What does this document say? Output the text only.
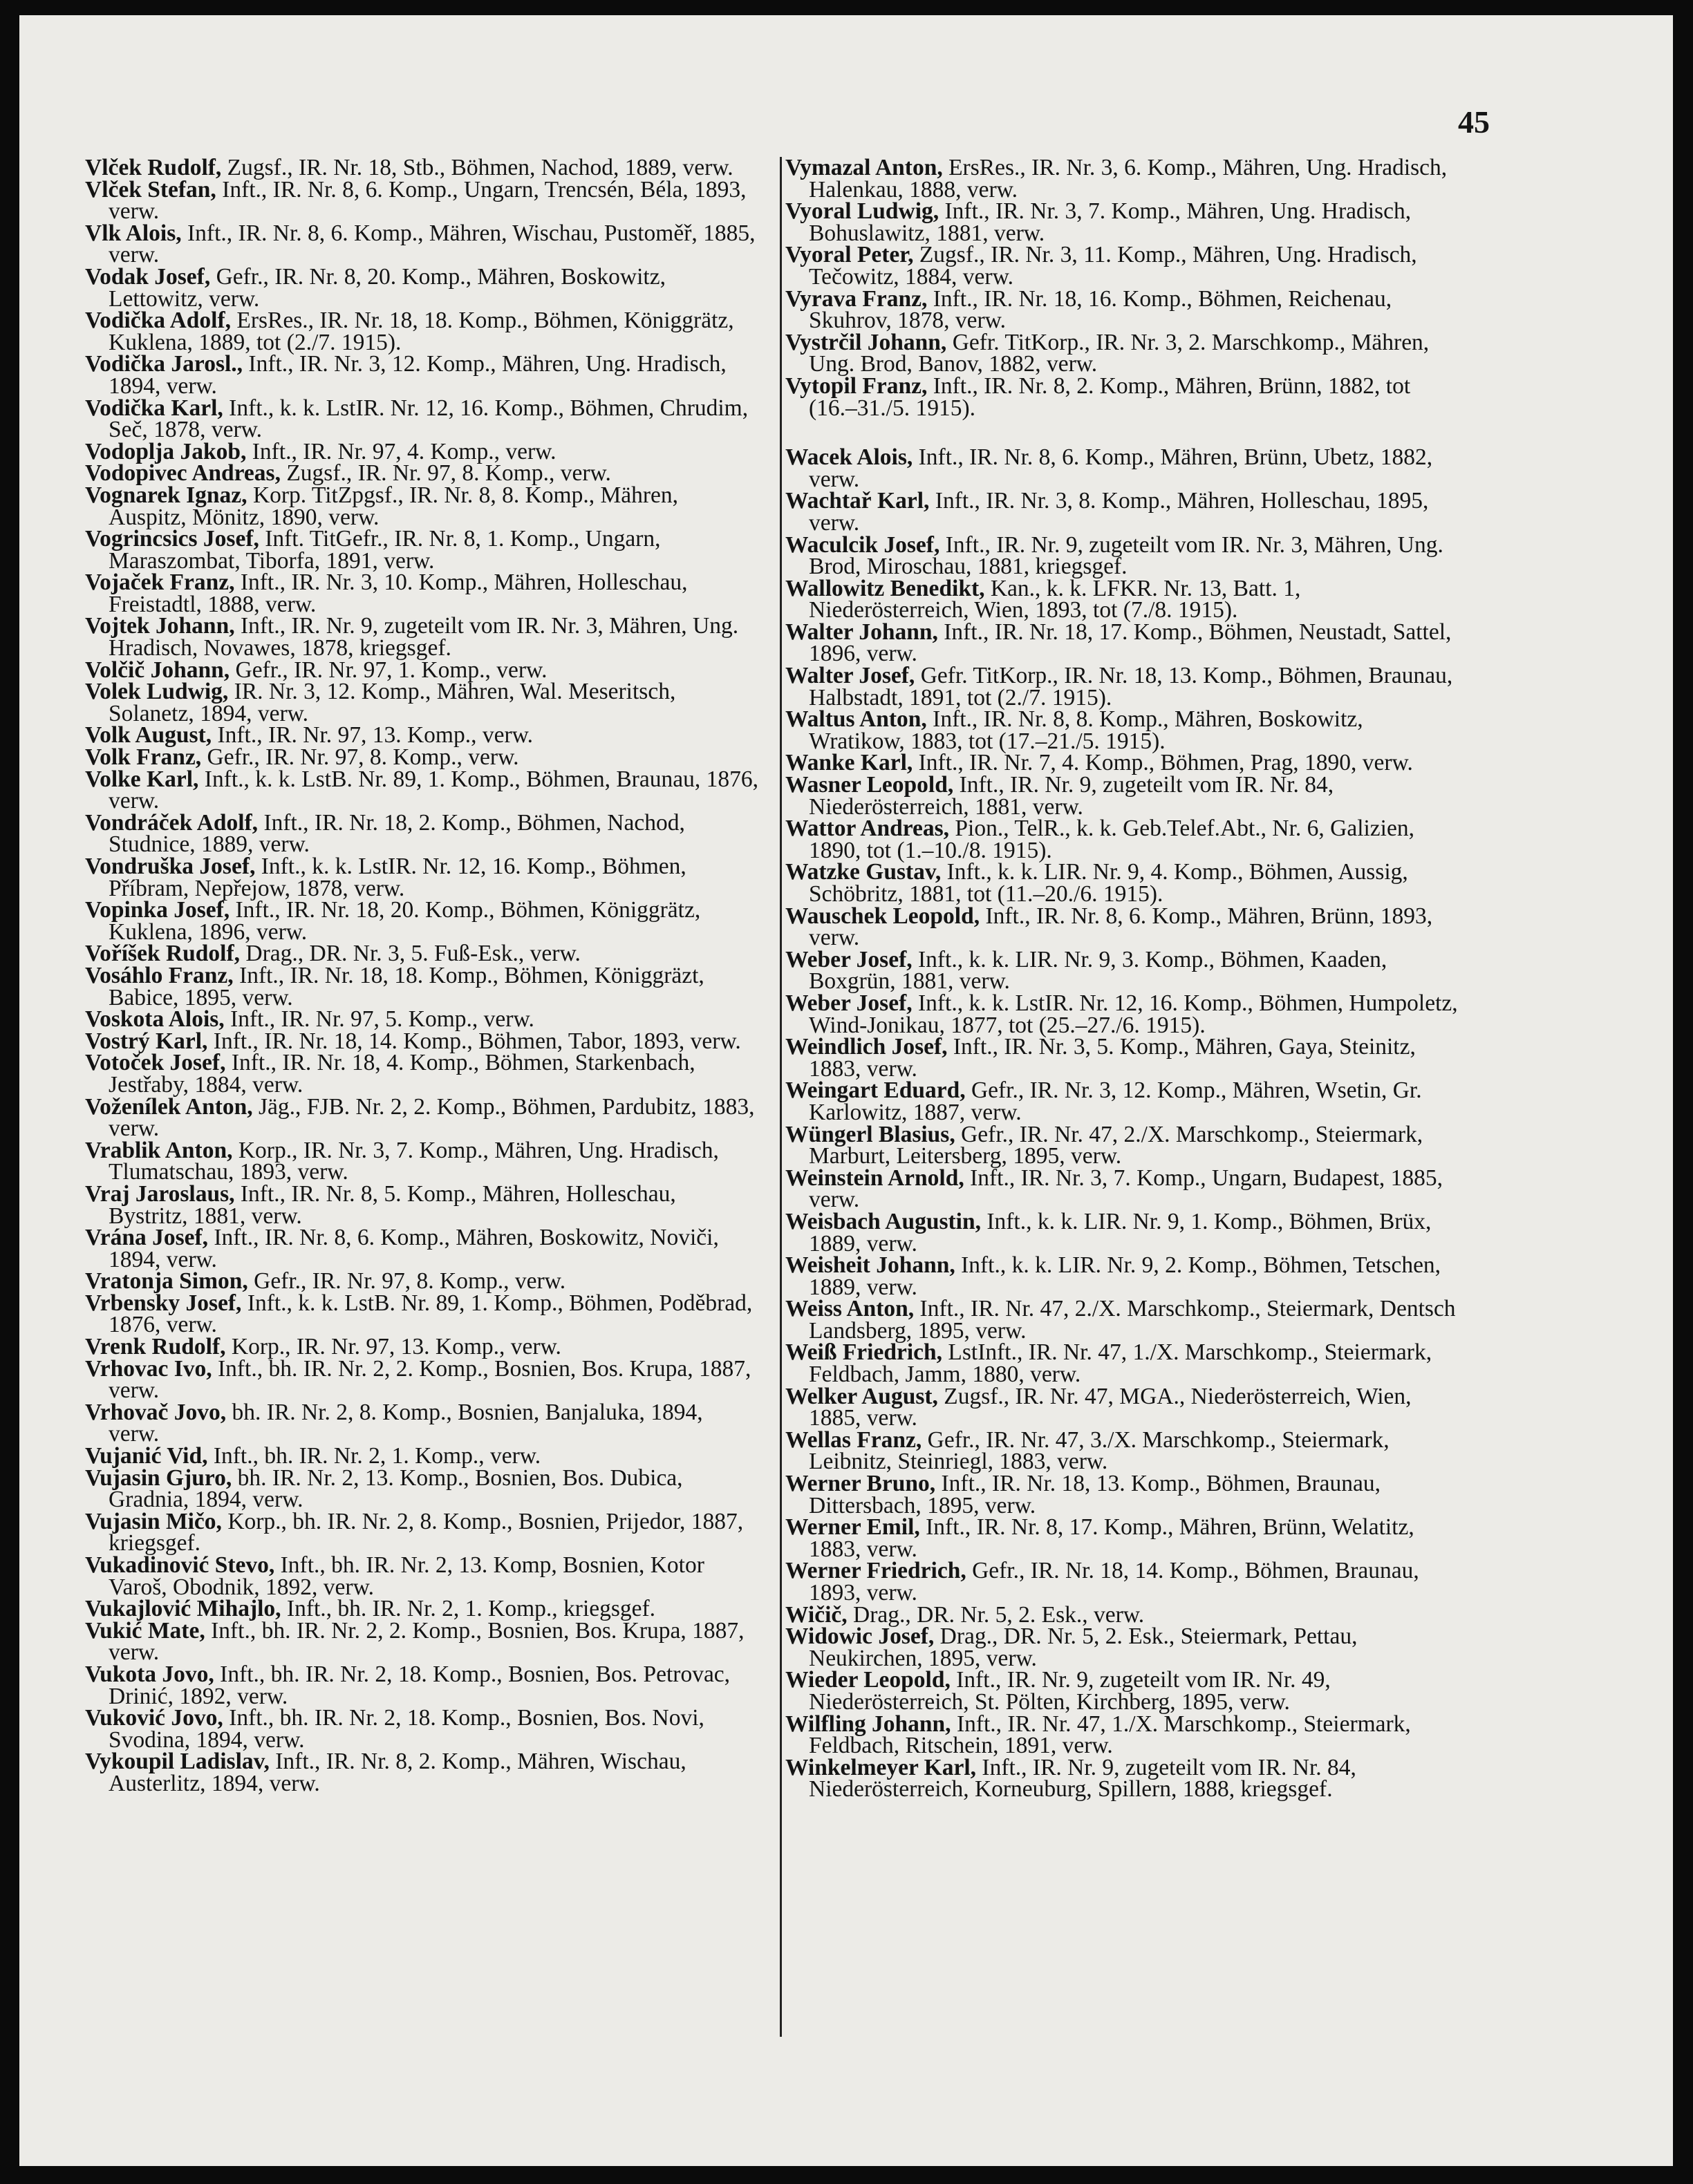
45
Vlček Rudolf, Zugsf., IR. Nr. 18, Stb., Böhmen, Nachod, 1889, verw.
Vlček Stefan, Inft., IR. Nr. 8, 6. Komp., Ungarn, Trencsén, Béla, 1893, verw.
Vlk Alois, Inft., IR. Nr. 8, 6. Komp., Mähren, Wischau, Pustoměř, 1885, verw.
Vodak Josef, Gefr., IR. Nr. 8, 20. Komp., Mähren, Boskowitz, Lettowitz, verw.
Vodička Adolf, ErsRes., IR. Nr. 18, 18. Komp., Böhmen, Königgrätz, Kuklena, 1889, tot (2./7. 1915).
Vodička Jarosl., Inft., IR. Nr. 3, 12. Komp., Mähren, Ung. Hradisch, 1894, verw.
Vodička Karl, Inft., k. k. LstIR. Nr. 12, 16. Komp., Böhmen, Chrudim, Seč, 1878, verw.
Vodoplja Jakob, Inft., IR. Nr. 97, 4. Komp., verw.
Vodopivec Andreas, Zugsf., IR. Nr. 97, 8. Komp., verw.
Vognarek Ignaz, Korp. TitZpgsf., IR. Nr. 8, 8. Komp., Mähren, Auspitz, Mönitz, 1890, verw.
Vogrincsics Josef, Inft. TitGefr., IR. Nr. 8, 1. Komp., Ungarn, Maraszombat, Tiborfa, 1891, verw.
Vojaček Franz, Inft., IR. Nr. 3, 10. Komp., Mähren, Holleschau, Freistadtl, 1888, verw.
Vojtek Johann, Inft., IR. Nr. 9, zugeteilt vom IR. Nr. 3, Mähren, Ung. Hradisch, Novawes, 1878, kriegsgef.
Volčič Johann, Gefr., IR. Nr. 97, 1. Komp., verw.
Volek Ludwig, IR. Nr. 3, 12. Komp., Mähren, Wal. Meseritsch, Solanetz, 1894, verw.
Volk August, Inft., IR. Nr. 97, 13. Komp., verw.
Volk Franz, Gefr., IR. Nr. 97, 8. Komp., verw.
Volke Karl, Inft., k. k. LstB. Nr. 89, 1. Komp., Böhmen, Braunau, 1876, verw.
Vondráček Adolf, Inft., IR. Nr. 18, 2. Komp., Böhmen, Nachod, Studnice, 1889, verw.
Vondruška Josef, Inft., k. k. LstIR. Nr. 12, 16. Komp., Böhmen, Příbram, Nepřejow, 1878, verw.
Vopinka Josef, Inft., IR. Nr. 18, 20. Komp., Böhmen, Königgrätz, Kuklena, 1896, verw.
Voříšek Rudolf, Drag., DR. Nr. 3, 5. Fuß-Esk., verw.
Vosáhlo Franz, Inft., IR. Nr. 18, 18. Komp., Böhmen, Königgräzt, Babice, 1895, verw.
Voskota Alois, Inft., IR. Nr. 97, 5. Komp., verw.
Vostrý Karl, Inft., IR. Nr. 18, 14. Komp., Böhmen, Tabor, 1893, verw.
Votoček Josef, Inft., IR. Nr. 18, 4. Komp., Böhmen, Starkenbach, Jestřaby, 1884, verw.
Voženílek Anton, Jäg., FJB. Nr. 2, 2. Komp., Böhmen, Pardubitz, 1883, verw.
Vrablik Anton, Korp., IR. Nr. 3, 7. Komp., Mähren, Ung. Hradisch, Tlumatschau, 1893, verw.
Vraj Jaroslaus, Inft., IR. Nr. 8, 5. Komp., Mähren, Holleschau, Bystritz, 1881, verw.
Vrána Josef, Inft., IR. Nr. 8, 6. Komp., Mähren, Boskowitz, Noviči, 1894, verw.
Vratonja Simon, Gefr., IR. Nr. 97, 8. Komp., verw.
Vrbensky Josef, Inft., k. k. LstB. Nr. 89, 1. Komp., Böhmen, Poděbrad, 1876, verw.
Vrenk Rudolf, Korp., IR. Nr. 97, 13. Komp., verw.
Vrhovac Ivo, Inft., bh. IR. Nr. 2, 2. Komp., Bosnien, Bos. Krupa, 1887, verw.
Vrhovač Jovo, bh. IR. Nr. 2, 8. Komp., Bosnien, Banjaluka, 1894, verw.
Vujanić Vid, Inft., bh. IR. Nr. 2, 1. Komp., verw.
Vujasin Gjuro, bh. IR. Nr. 2, 13. Komp., Bosnien, Bos. Dubica, Gradnia, 1894, verw.
Vujasin Mičo, Korp., bh. IR. Nr. 2, 8. Komp., Bosnien, Prijedor, 1887, kriegsgef.
Vukadinović Stevo, Inft., bh. IR. Nr. 2, 13. Komp, Bosnien, Kotor Varoš, Obodnik, 1892, verw.
Vukajlović Mihajlo, Inft., bh. IR. Nr. 2, 1. Komp., kriegsgef.
Vukić Mate, Inft., bh. IR. Nr. 2, 2. Komp., Bosnien, Bos. Krupa, 1887, verw.
Vukota Jovo, Inft., bh. IR. Nr. 2, 18. Komp., Bosnien, Bos. Petrovac, Drinić, 1892, verw.
Vuković Jovo, Inft., bh. IR. Nr. 2, 18. Komp., Bosnien, Bos. Novi, Svodina, 1894, verw.
Vykoupil Ladislav, Inft., IR. Nr. 8, 2. Komp., Mähren, Wischau, Austerlitz, 1894, verw.
Vymazal Anton, ErsRes., IR. Nr. 3, 6. Komp., Mähren, Ung. Hradisch, Halenkau, 1888, verw.
Vyoral Ludwig, Inft., IR. Nr. 3, 7. Komp., Mähren, Ung. Hradisch, Bohuslawitz, 1881, verw.
Vyoral Peter, Zugsf., IR. Nr. 3, 11. Komp., Mähren, Ung. Hradisch, Tečowitz, 1884, verw.
Vyrava Franz, Inft., IR. Nr. 18, 16. Komp., Böhmen, Reichenau, Skuhrov, 1878, verw.
Vystrčil Johann, Gefr. TitKorp., IR. Nr. 3, 2. Marschkomp., Mähren, Ung. Brod, Banov, 1882, verw.
Vytopil Franz, Inft., IR. Nr. 8, 2. Komp., Mähren, Brünn, 1882, tot (16.–31./5. 1915).
Wacek Alois, Inft., IR. Nr. 8, 6. Komp., Mähren, Brünn, Ubetz, 1882, verw.
Wachtař Karl, Inft., IR. Nr. 3, 8. Komp., Mähren, Holleschau, 1895, verw.
Waculcik Josef, Inft., IR. Nr. 9, zugeteilt vom IR. Nr. 3, Mähren, Ung. Brod, Miroschau, 1881, kriegsgef.
Wallowitz Benedikt, Kan., k. k. LFKR. Nr. 13, Batt. 1, Niederösterreich, Wien, 1893, tot (7./8. 1915).
Walter Johann, Inft., IR. Nr. 18, 17. Komp., Böhmen, Neustadt, Sattel, 1896, verw.
Walter Josef, Gefr. TitKorp., IR. Nr. 18, 13. Komp., Böhmen, Braunau, Halbstadt, 1891, tot (2./7. 1915).
Waltus Anton, Inft., IR. Nr. 8, 8. Komp., Mähren, Boskowitz, Wratikow, 1883, tot (17.–21./5. 1915).
Wanke Karl, Inft., IR. Nr. 7, 4. Komp., Böhmen, Prag, 1890, verw.
Wasner Leopold, Inft., IR. Nr. 9, zugeteilt vom IR. Nr. 84, Niederösterreich, 1881, verw.
Wattor Andreas, Pion., TelR., k. k. Geb.Telef.Abt., Nr. 6, Galizien, 1890, tot (1.–10./8. 1915).
Watzke Gustav, Inft., k. k. LIR. Nr. 9, 4. Komp., Böhmen, Aussig, Schöbritz, 1881, tot (11.–20./6. 1915).
Wauschek Leopold, Inft., IR. Nr. 8, 6. Komp., Mähren, Brünn, 1893, verw.
Weber Josef, Inft., k. k. LIR. Nr. 9, 3. Komp., Böhmen, Kaaden, Boxgrün, 1881, verw.
Weber Josef, Inft., k. k. LstIR. Nr. 12, 16. Komp., Böhmen, Humpoletz, Wind-Jonikau, 1877, tot (25.–27./6. 1915).
Weindlich Josef, Inft., IR. Nr. 3, 5. Komp., Mähren, Gaya, Steinitz, 1883, verw.
Weingart Eduard, Gefr., IR. Nr. 3, 12. Komp., Mähren, Wsetin, Gr. Karlowitz, 1887, verw.
Wüngerl Blasius, Gefr., IR. Nr. 47, 2./X. Marschkomp., Steiermark, Marburt, Leitersberg, 1895, verw.
Weinstein Arnold, Inft., IR. Nr. 3, 7. Komp., Ungarn, Budapest, 1885, verw.
Weisbach Augustin, Inft., k. k. LIR. Nr. 9, 1. Komp., Böhmen, Brüx, 1889, verw.
Weisheit Johann, Inft., k. k. LIR. Nr. 9, 2. Komp., Böhmen, Tetschen, 1889, verw.
Weiss Anton, Inft., IR. Nr. 47, 2./X. Marschkomp., Steiermark, Dentsch Landsberg, 1895, verw.
Weiß Friedrich, LstInft., IR. Nr. 47, 1./X. Marschkomp., Steiermark, Feldbach, Jamm, 1880, verw.
Welker August, Zugsf., IR. Nr. 47, MGA., Niederösterreich, Wien, 1885, verw.
Wellas Franz, Gefr., IR. Nr. 47, 3./X. Marschkomp., Steiermark, Leibnitz, Steinriegl, 1883, verw.
Werner Bruno, Inft., IR. Nr. 18, 13. Komp., Böhmen, Braunau, Dittersbach, 1895, verw.
Werner Emil, Inft., IR. Nr. 8, 17. Komp., Mähren, Brünn, Welatitz, 1883, verw.
Werner Friedrich, Gefr., IR. Nr. 18, 14. Komp., Böhmen, Braunau, 1893, verw.
Wičič, Drag., DR. Nr. 5, 2. Esk., verw.
Widowic Josef, Drag., DR. Nr. 5, 2. Esk., Steiermark, Pettau, Neukirchen, 1895, verw.
Wieder Leopold, Inft., IR. Nr. 9, zugeteilt vom IR. Nr. 49, Niederösterreich, St. Pölten, Kirchberg, 1895, verw.
Wilfling Johann, Inft., IR. Nr. 47, 1./X. Marschkomp., Steiermark, Feldbach, Ritschein, 1891, verw.
Winkelmeyer Karl, Inft., IR. Nr. 9, zugeteilt vom IR. Nr. 84, Niederösterreich, Korneuburg, Spillern, 1888, kriegsgef.
